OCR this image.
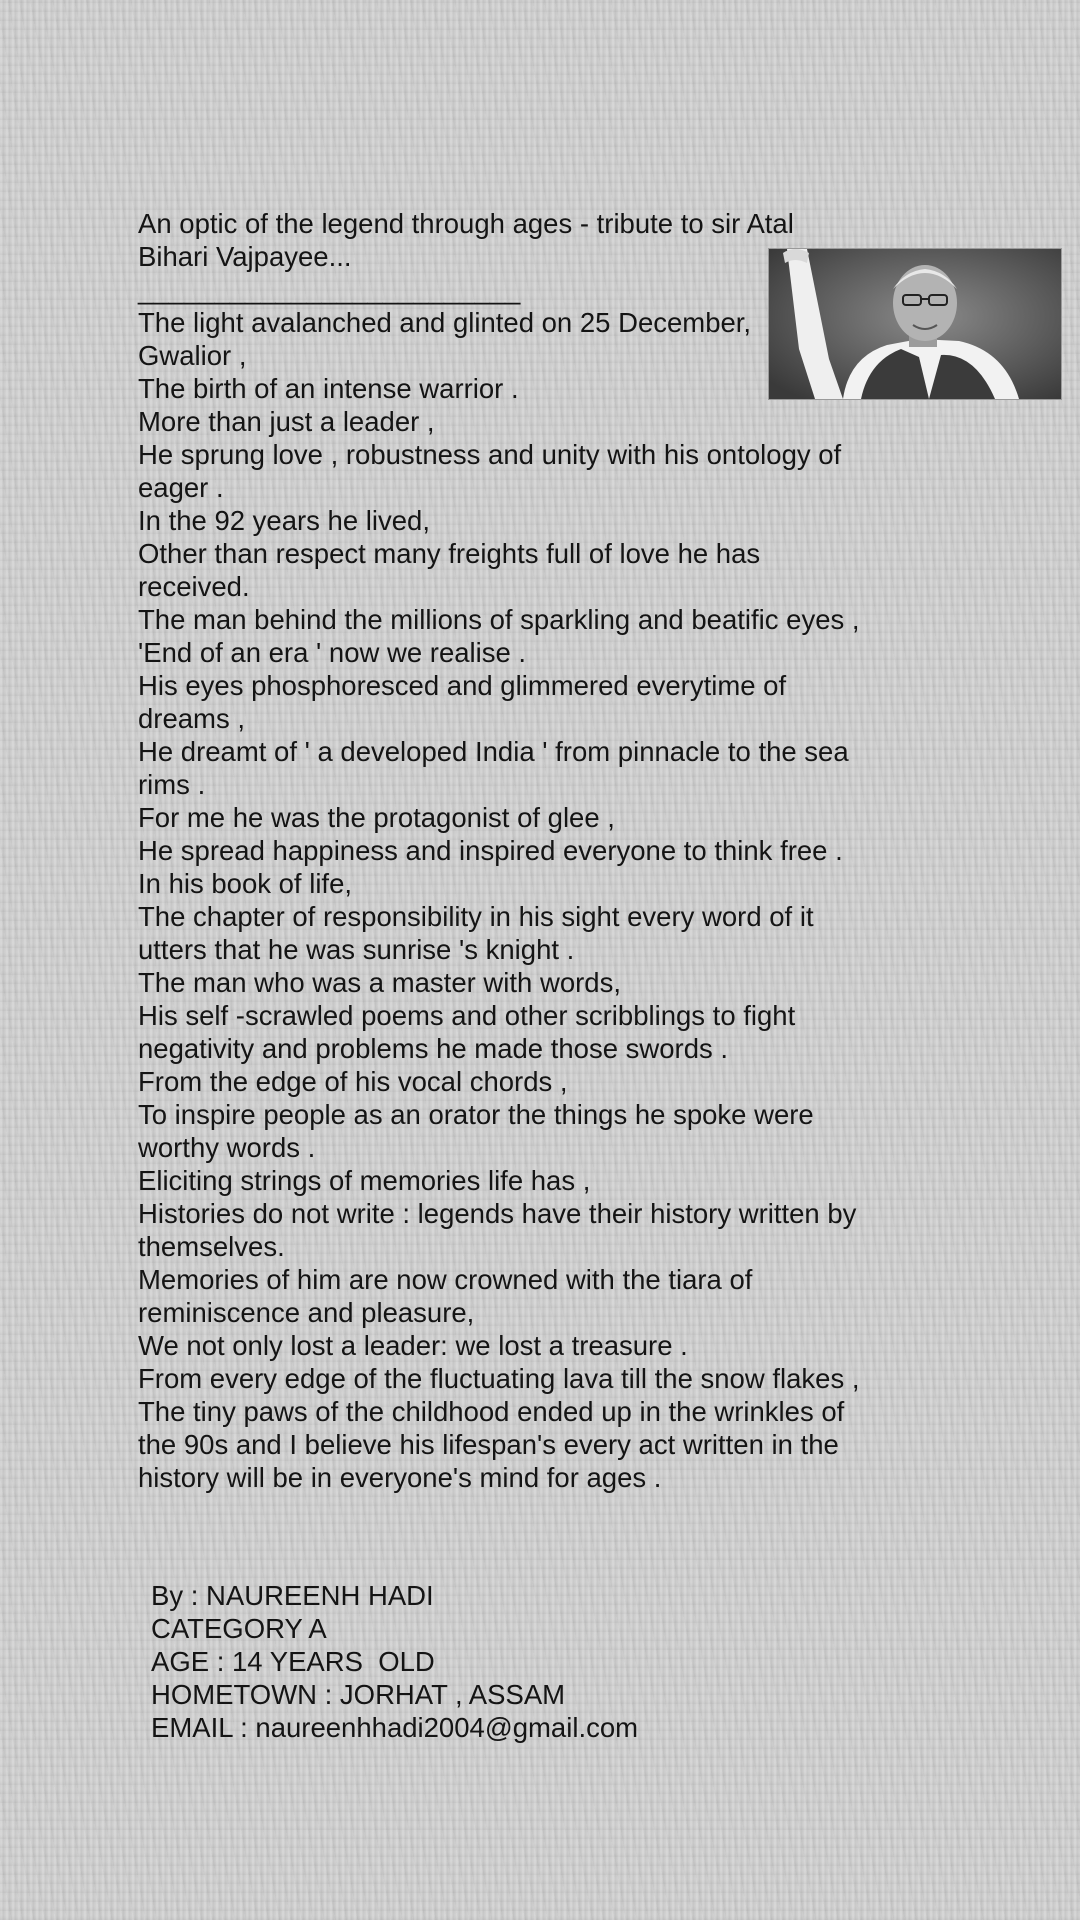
An optic of the legend through ages - tribute to sir Atal
Bihari Vajpayee...
_________________________
The light avalanched and glinted on 25 December,
Gwalior ,
The birth of an intense warrior .
More than just a leader ,
He sprung love , robustness and unity with his ontology of eager .
In the 92 years he lived,
Other than respect many freights full of love he has received.
The man behind the millions of sparkling and beatific eyes ,
'End of an era ' now we realise .
His eyes phosphoresced and glimmered everytime of dreams ,
He dreamt of ' a developed India ' from pinnacle to the sea rims .
For me he was the protagonist of glee ,
He spread happiness and inspired everyone to think free .
In his book of life,
The chapter of responsibility in his sight every word of it utters that he was sunrise 's knight .
The man who was a master with words,
His self -scrawled poems and other scribblings to fight negativity and problems he made those swords .
From the edge of his vocal chords ,
To inspire people as an orator the things he spoke were worthy words .
Eliciting strings of memories life has ,
Histories do not write : legends have their history written by themselves.
Memories of him are now crowned with the tiara of reminiscence and pleasure,
We not only lost a leader: we lost a treasure .
From every edge of the fluctuating lava till the snow flakes ,
The tiny paws of the childhood ended up in the wrinkles of the 90s and I believe his lifespan's every act written in the history will be in everyone's mind for ages .
By : NAUREENH HADI
CATEGORY A
AGE : 14 YEARS  OLD
HOMETOWN : JORHAT , ASSAM
EMAIL : naureenhhadi2004@gmail.com
